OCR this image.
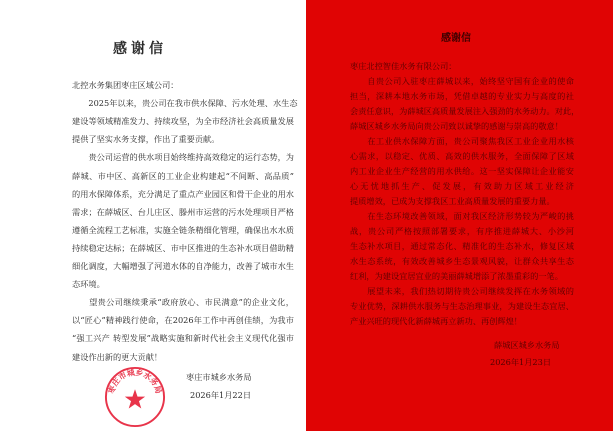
感谢信
北控水务集团枣庄区域公司：
　　2025年以来，贵公司在我市供水保障、污水处理、水生态
建设等领域精准发力、持续攻坚，为全市经济社会高质量发展
提供了坚实水务支撑，作出了重要贡献。
　　贵公司运营的供水项目始终维持高效稳定的运行态势，为
薛城、市中区、高新区的工业企业构建起“不间断、高品质”
的用水保障体系，充分满足了重点产业园区和骨干企业的用水
需求；在薛城区、台儿庄区、滕州市运营的污水处理项目严格
遵循全流程工艺标准，实施全链条精细化管理，确保出水水质
持续稳定达标；在薛城区、市中区推进的生态补水项目借助精
细化调度，大幅增强了河道水体的自净能力，改善了城市水生
态环境。
　　望贵公司继续秉承“政府放心、市民满意”的企业文化，
以“匠心”精神践行使命，在2026年工作中再创佳绩，为我市
“强工兴产 转型发展”战略实施和新时代社会主义现代化强市
建设作出新的更大贡献！
枣庄市城乡水务局
枣庄市城乡水务局
2026年1月22日
感谢信
枣庄北控智佳水务有限公司：
　　自贵公司入驻枣庄薛城以来，始终坚守国有企业的使命
担当，深耕本地水务市场，凭借卓越的专业实力与高度的社
会责任意识，为薛城区高质量发展注入强劲的水务动力。对此，
薛城区城乡水务局向贵公司致以诚挚的感谢与崇高的敬意！
　　在工业供水保障方面，贵公司聚焦我区工业企业用水核
心需求，以稳定、优质、高效的供水服务，全面保障了区域
内工业企业生产经营的用水供给。这一坚实保障让企业能安
心无忧地抓生产、促发展，有效助力区域工业经济
提质增效，已成为支撑我区工业高质量发展的重要力量。
　　在生态环境改善领域，面对我区经济形势较为严峻的挑
战，贵公司严格按照部署要求，有序推进薛城大、小沙河
生态补水项目，通过常态化、精准化的生态补水，修复区域
水生态系统，有效改善城乡生态景观风貌，让群众共享生态
红利，为建设宜居宜业的美丽薛城增添了浓墨重彩的一笔。
　　展望未来，我们热切期待贵公司继续发挥在水务领域的
专业优势，深耕供水服务与生态治理事业，为建设生态宜居、
产业兴旺的现代化新薛城再立新功、再创辉煌！
薛城区城乡水务局
2026年1月23日
